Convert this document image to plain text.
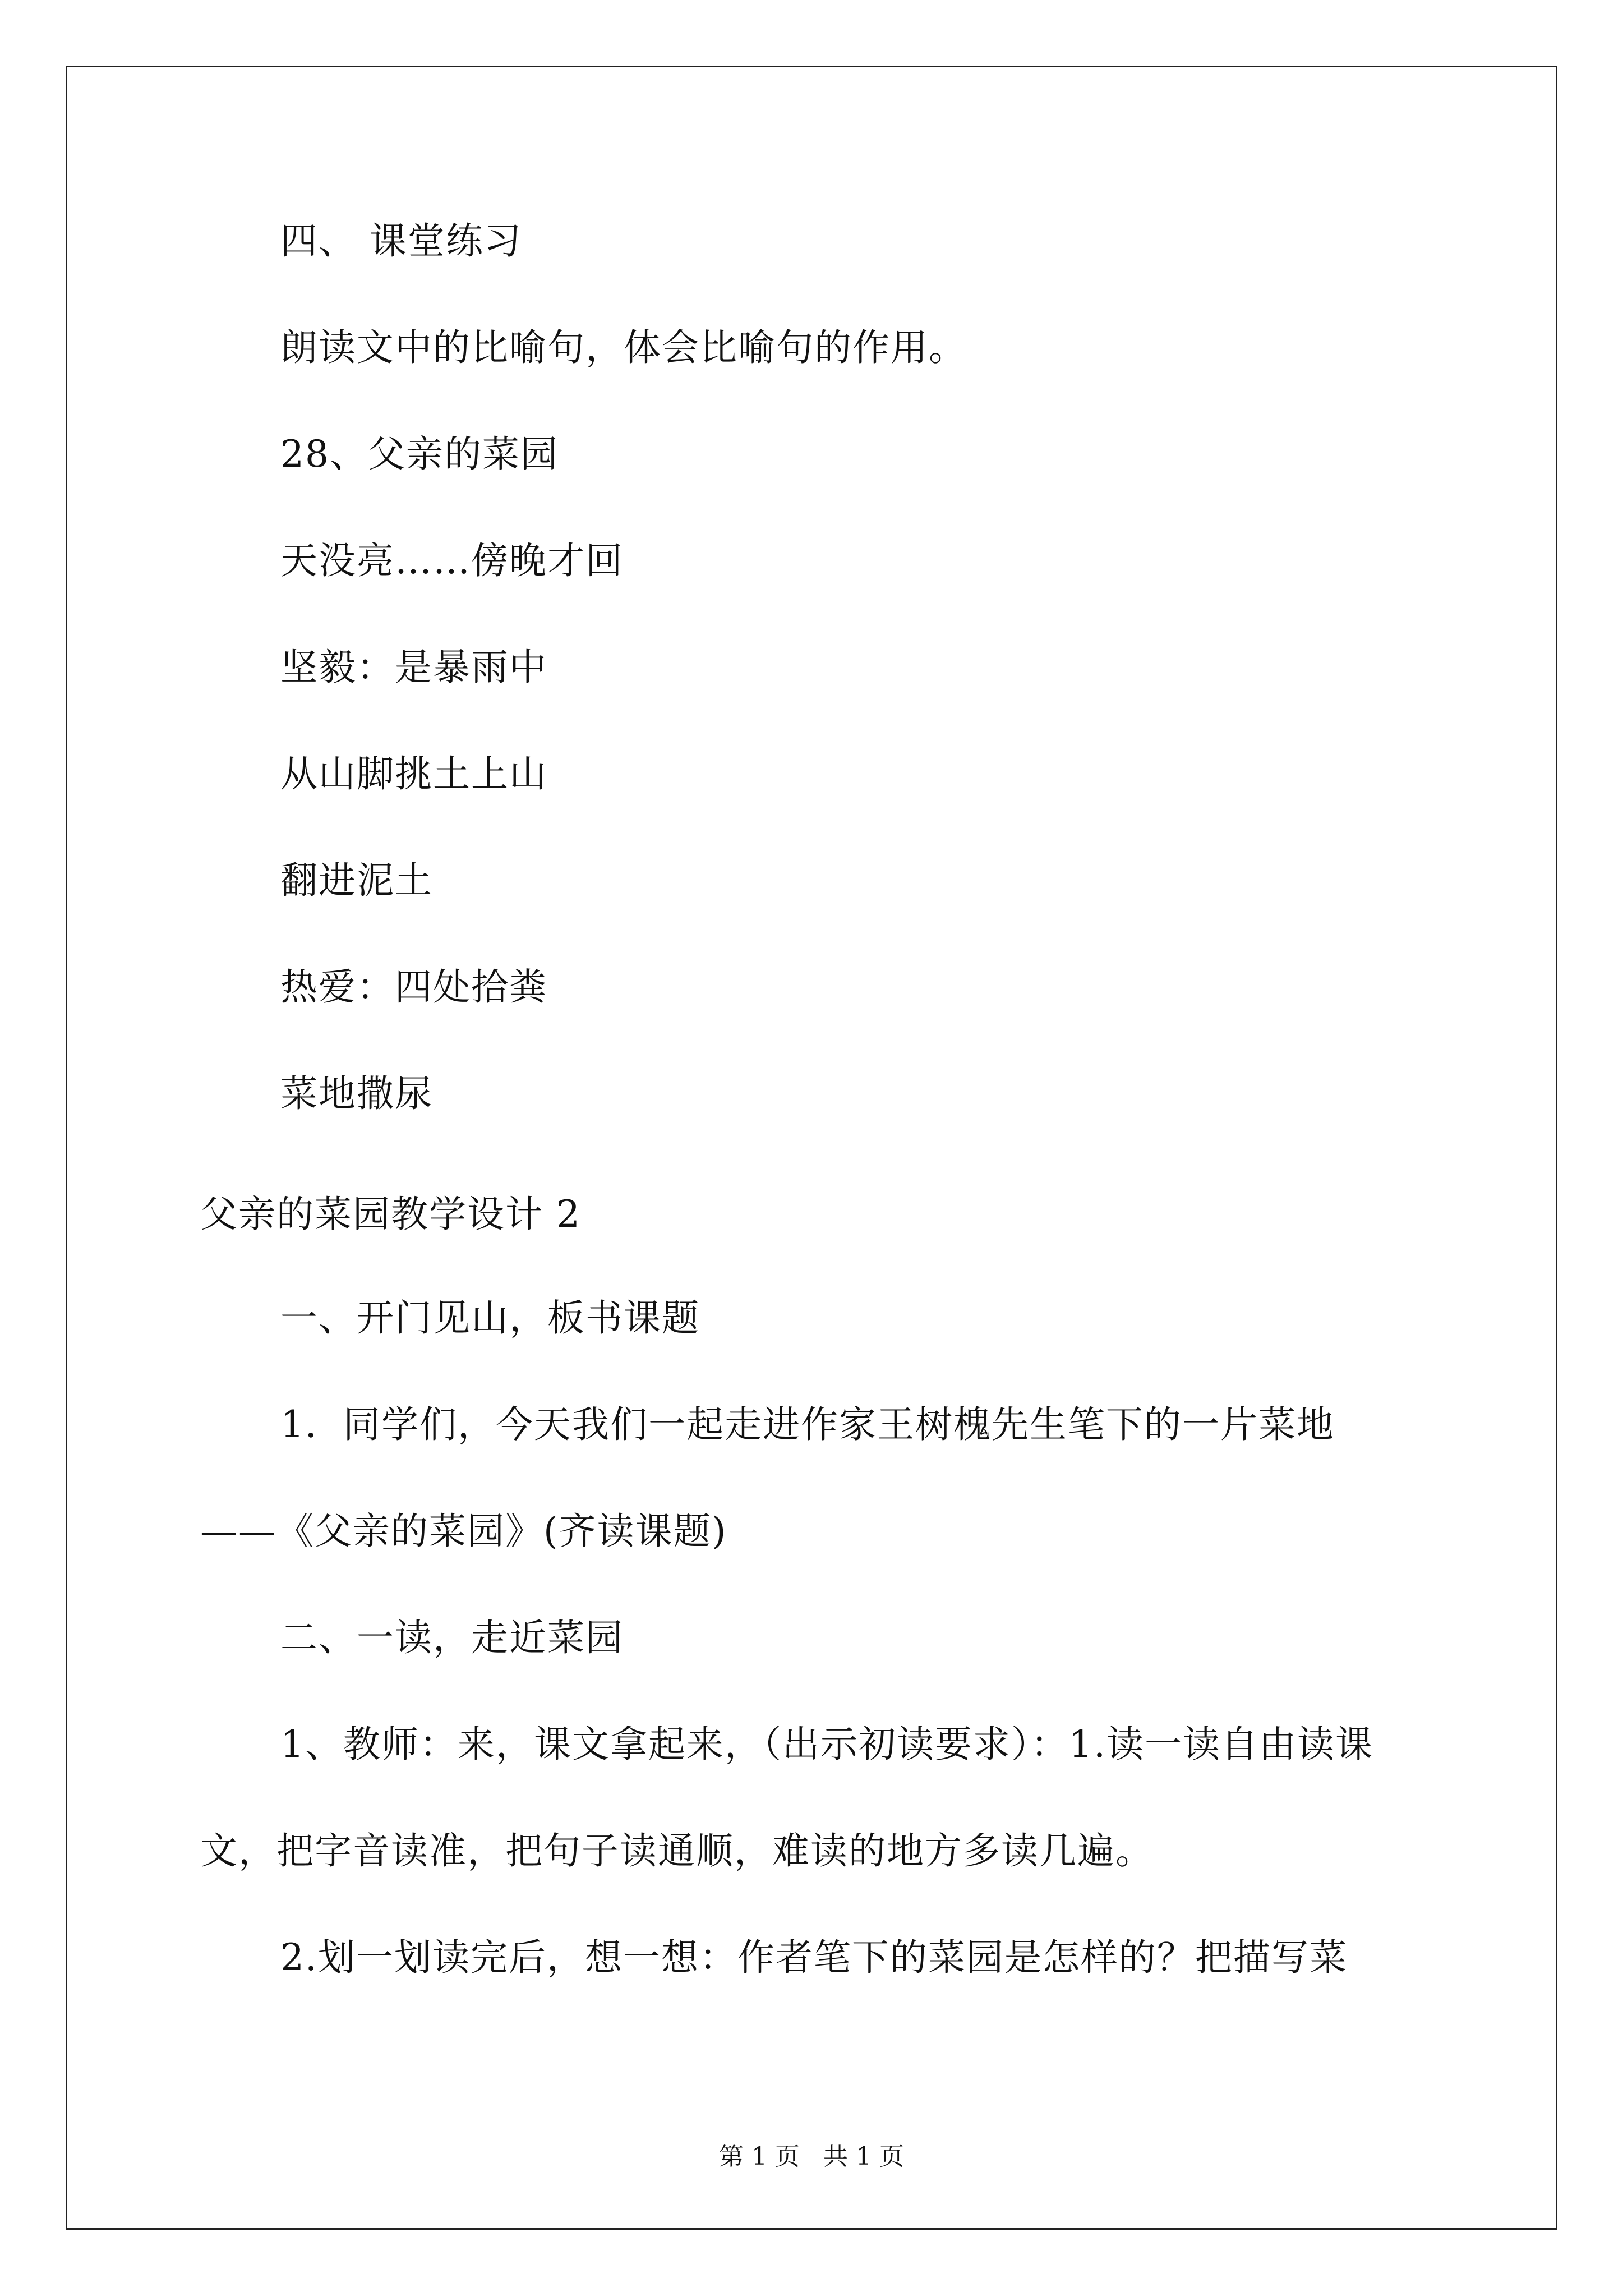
四、 课堂练习
朗读文中的比喻句，体会比喻句的作用。
28、父亲的菜园
天没亮……傍晚才回
坚毅：是暴雨中
从山脚挑土上山
翻进泥土
热爱：四处拾粪
菜地撒尿
父亲的菜园教学设计 2
一、开门见山，板书课题
1．同学们，今天我们一起走进作家王树槐先生笔下的一片菜地
——《父亲的菜园》(齐读课题)
二、一读，走近菜园
1、教师：来，课文拿起来，（出示初读要求）：1.读一读自由读课
文，把字音读准，把句子读通顺，难读的地方多读几遍。
2.划一划读完后，想一想：作者笔下的菜园是怎样的？把描写菜
第 1 页   共 1 页
